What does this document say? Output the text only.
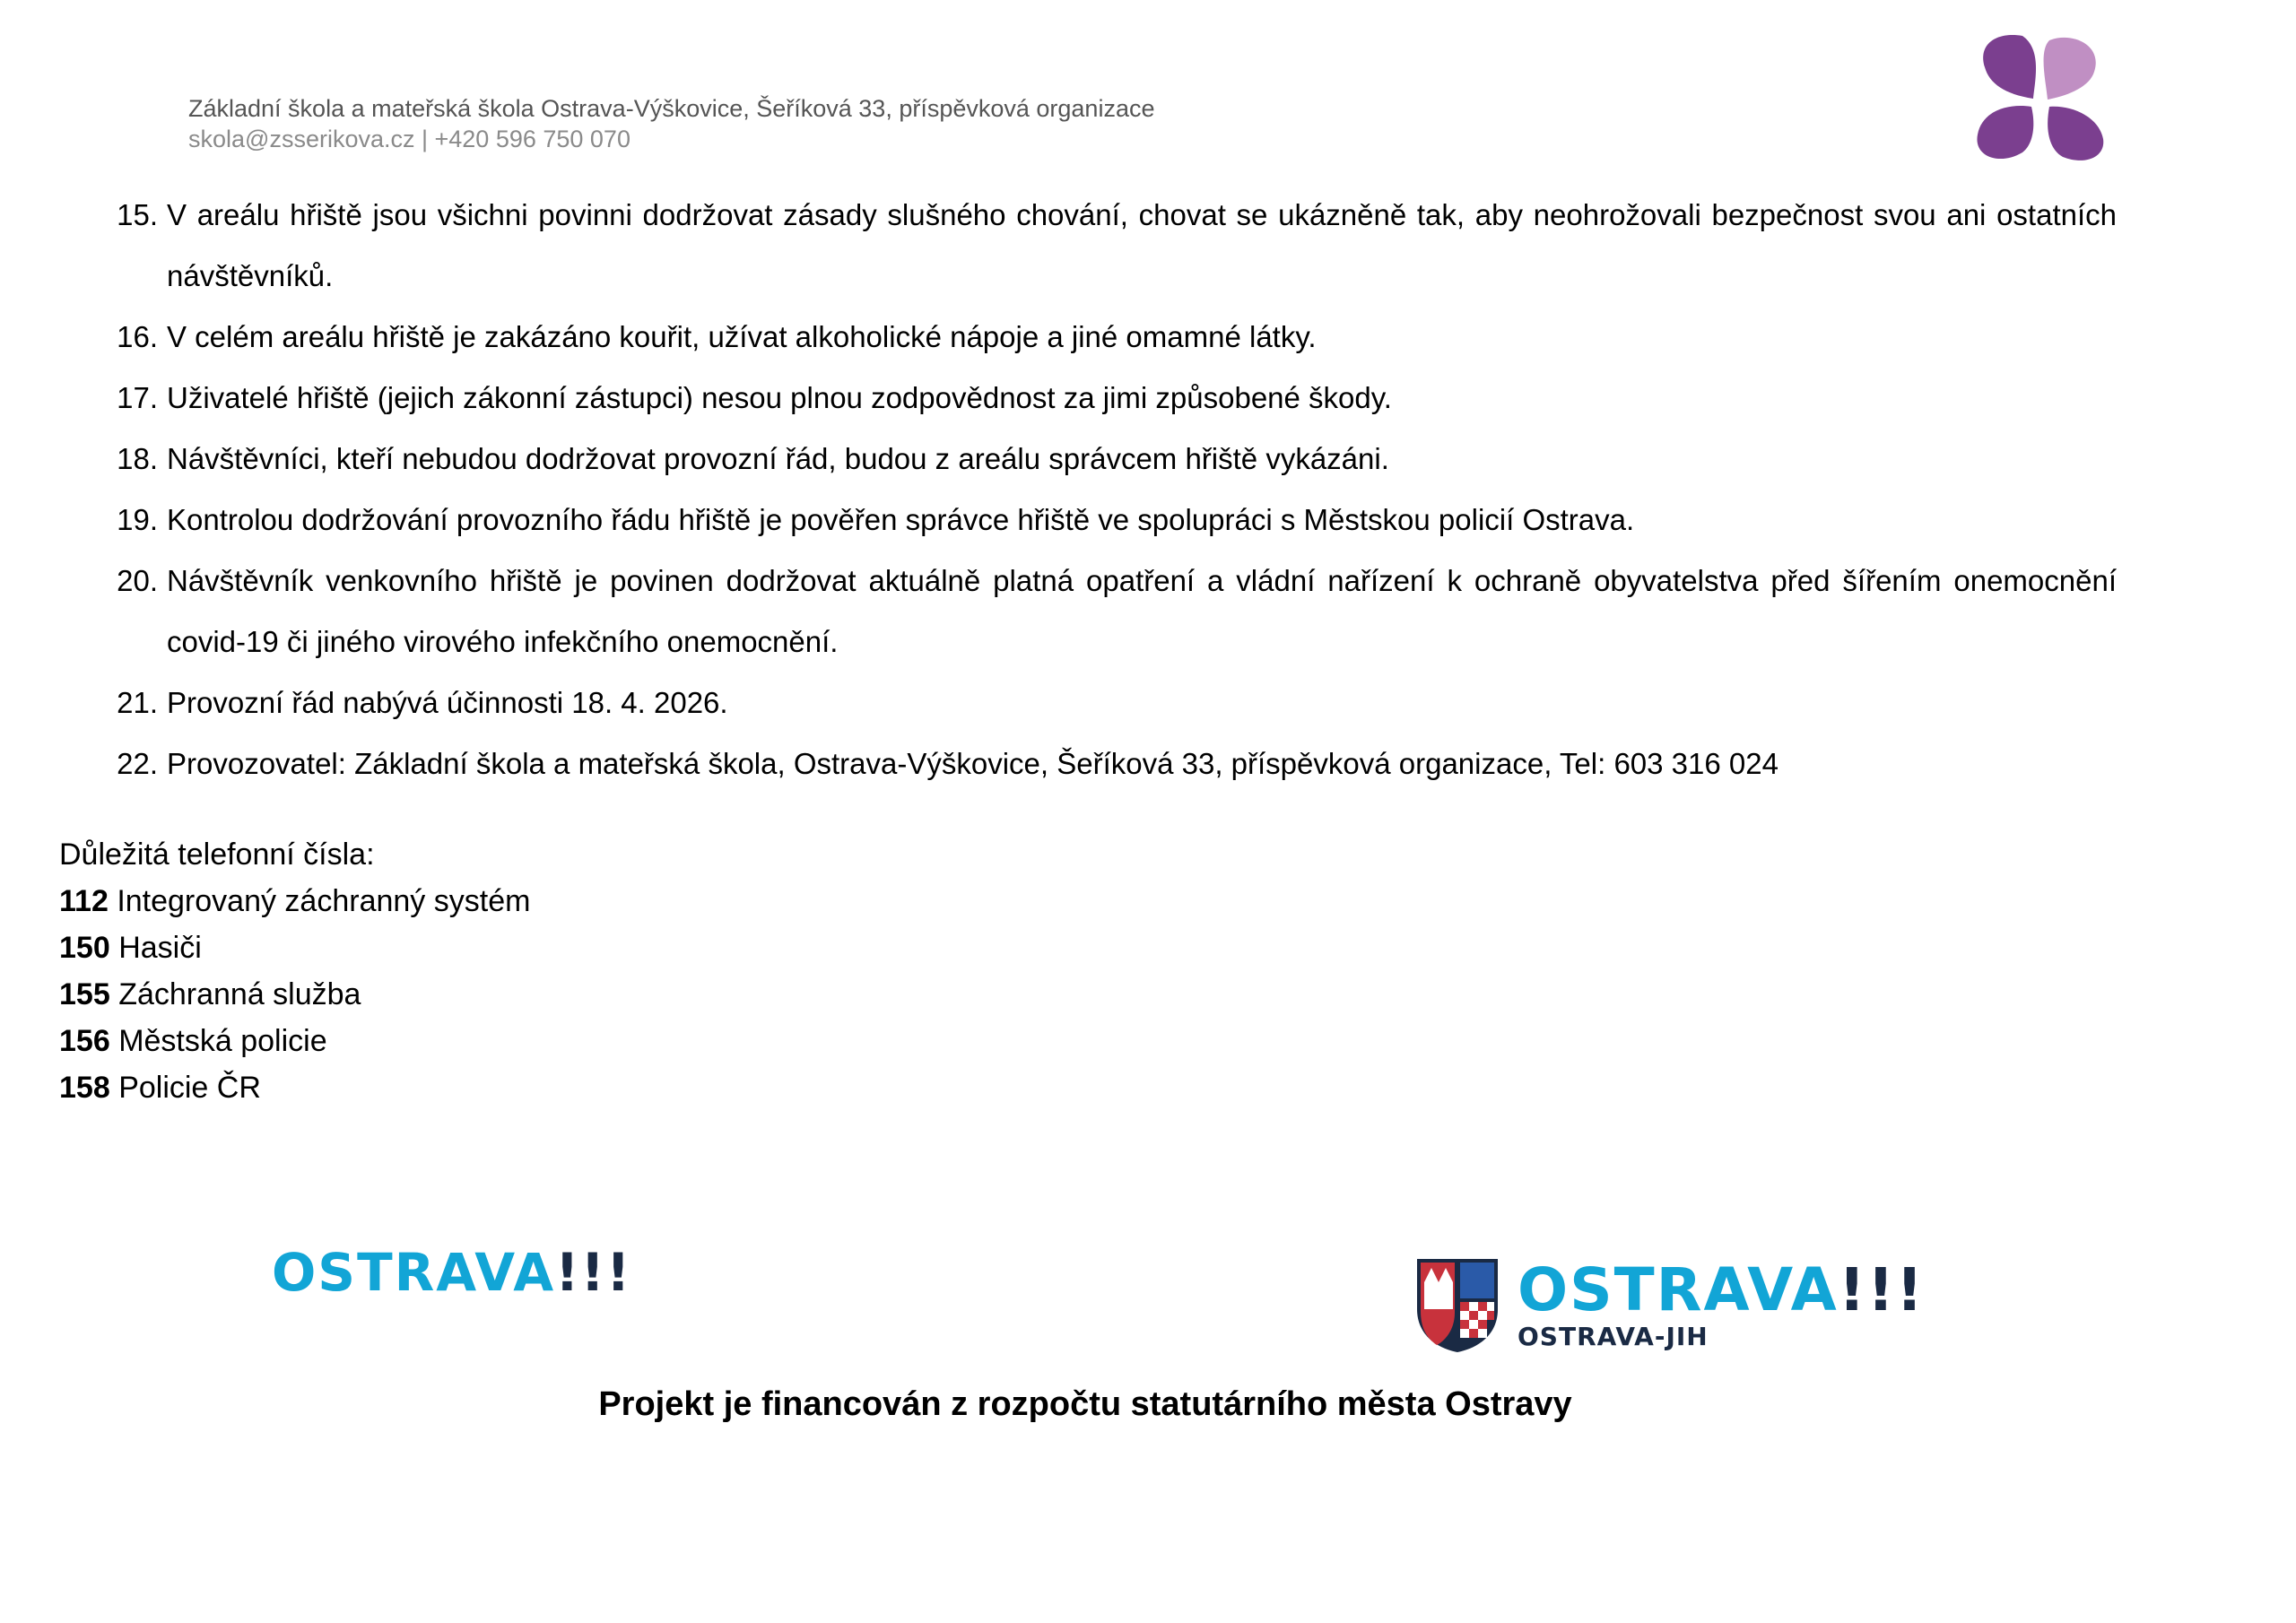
Základní škola a mateřská škola Ostrava-Výškovice, Šeříková 33, příspěvková organizace
skola@zsserikova.cz | +420 596 750 070
15. V areálu hřiště jsou všichni povinni dodržovat zásady slušného chování, chovat se ukázněně tak, aby neohrožovali bezpečnost svou ani ostatních návštěvníků.
16. V celém areálu hřiště je zakázáno kouřit, užívat alkoholické nápoje a jiné omamné látky.
17. Uživatelé hřiště (jejich zákonní zástupci) nesou plnou zodpovědnost za jimi způsobené škody.
18. Návštěvníci, kteří nebudou dodržovat provozní řád, budou z areálu správcem hřiště vykázáni.
19. Kontrolou dodržování provozního řádu hřiště je pověřen správce hřiště ve spolupráci s Městskou policií Ostrava.
20. Návštěvník venkovního hřiště je povinen dodržovat aktuálně platná opatření a vládní nařízení k ochraně obyvatelstva před šířením onemocnění covid-19 či jiného virového infekčního onemocnění.
21. Provozní řád nabývá účinnosti 18. 4. 2026.
22. Provozovatel: Základní škola a mateřská škola, Ostrava-Výškovice, Šeříková 33, příspěvková organizace, Tel: 603 316 024
Důležitá telefonní čísla:
112 Integrovaný záchranný systém
150 Hasiči
155 Záchranná služba
156 Městská policie
158 Policie ČR
OSTRAVA!!!	OSTRAVA!!!
OSTRAVA-JIH
Projekt je financován z rozpočtu statutárního města Ostravy
